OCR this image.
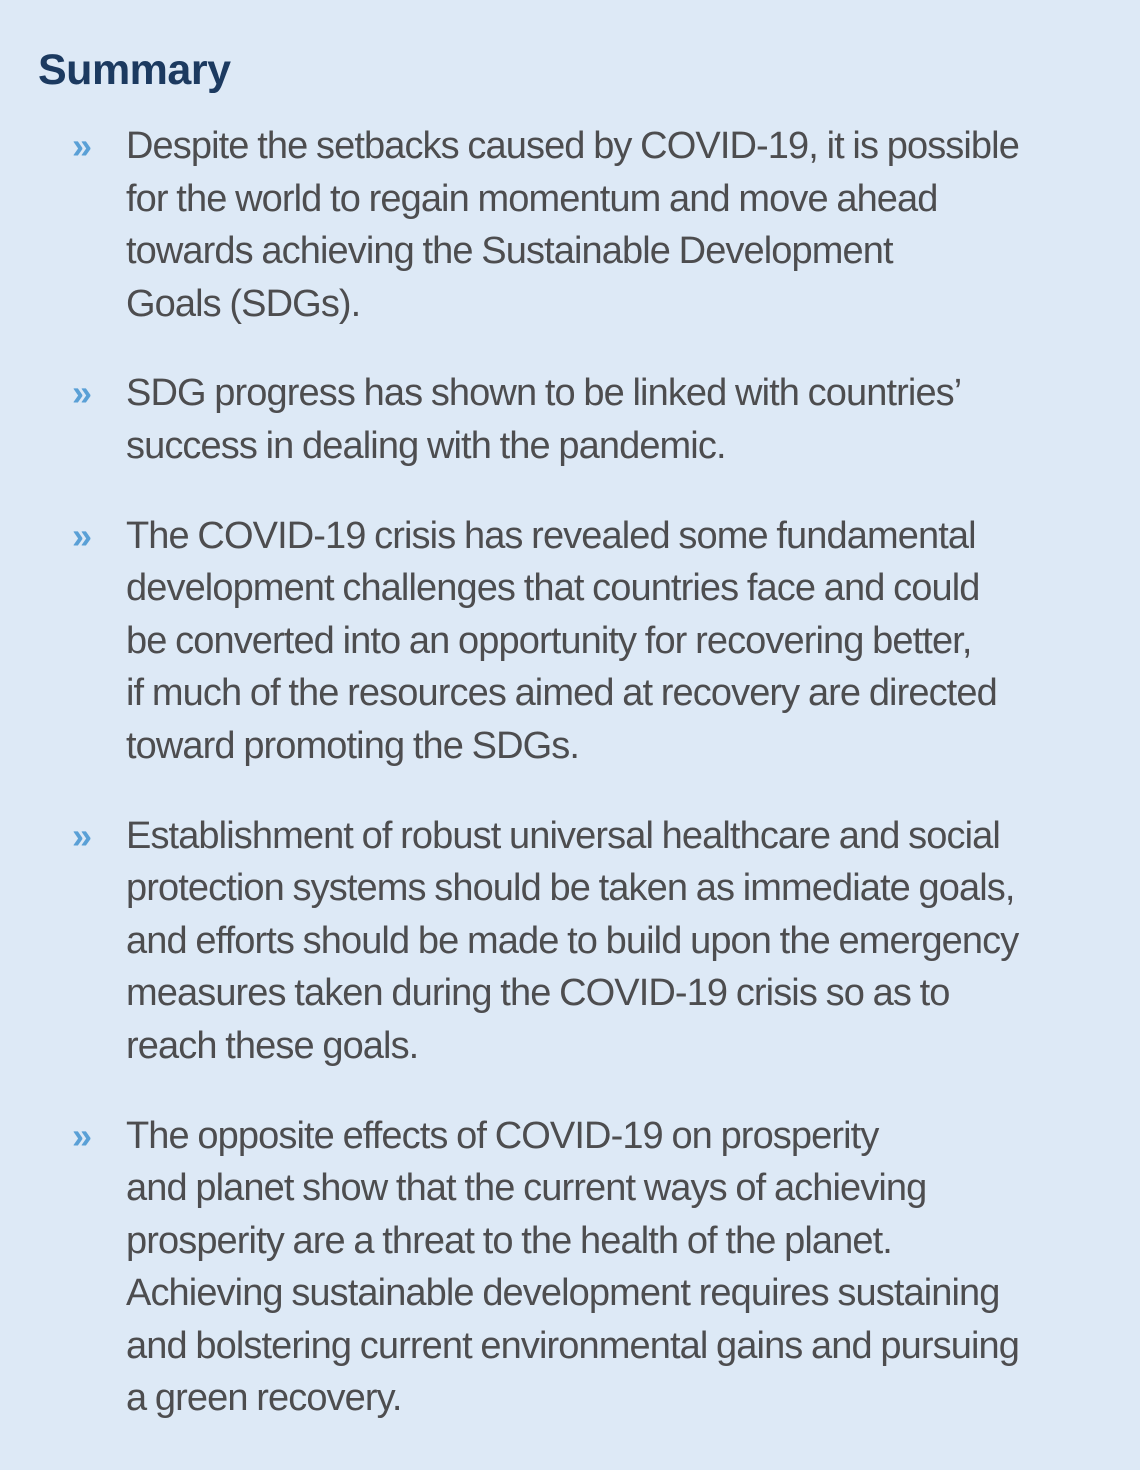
Summary
» Despite the setbacks caused by COVID-19, it is possible
for the world to regain momentum and move ahead
towards achieving the Sustainable Development
Goals (SDGs).
» SDG progress has shown to be linked with countries’
success in dealing with the pandemic.
» The COVID-19 crisis has revealed some fundamental
development challenges that countries face and could
be converted into an opportunity for recovering better,
if much of the resources aimed at recovery are directed
toward promoting the SDGs.
» Establishment of robust universal healthcare and social
protection systems should be taken as immediate goals,
and efforts should be made to build upon the emergency
measures taken during the COVID-19 crisis so as to
reach these goals.
» The opposite effects of COVID-19 on prosperity
and planet show that the current ways of achieving
prosperity are a threat to the health of the planet.
Achieving sustainable development requires sustaining
and bolstering current environmental gains and pursuing
a green recovery.
